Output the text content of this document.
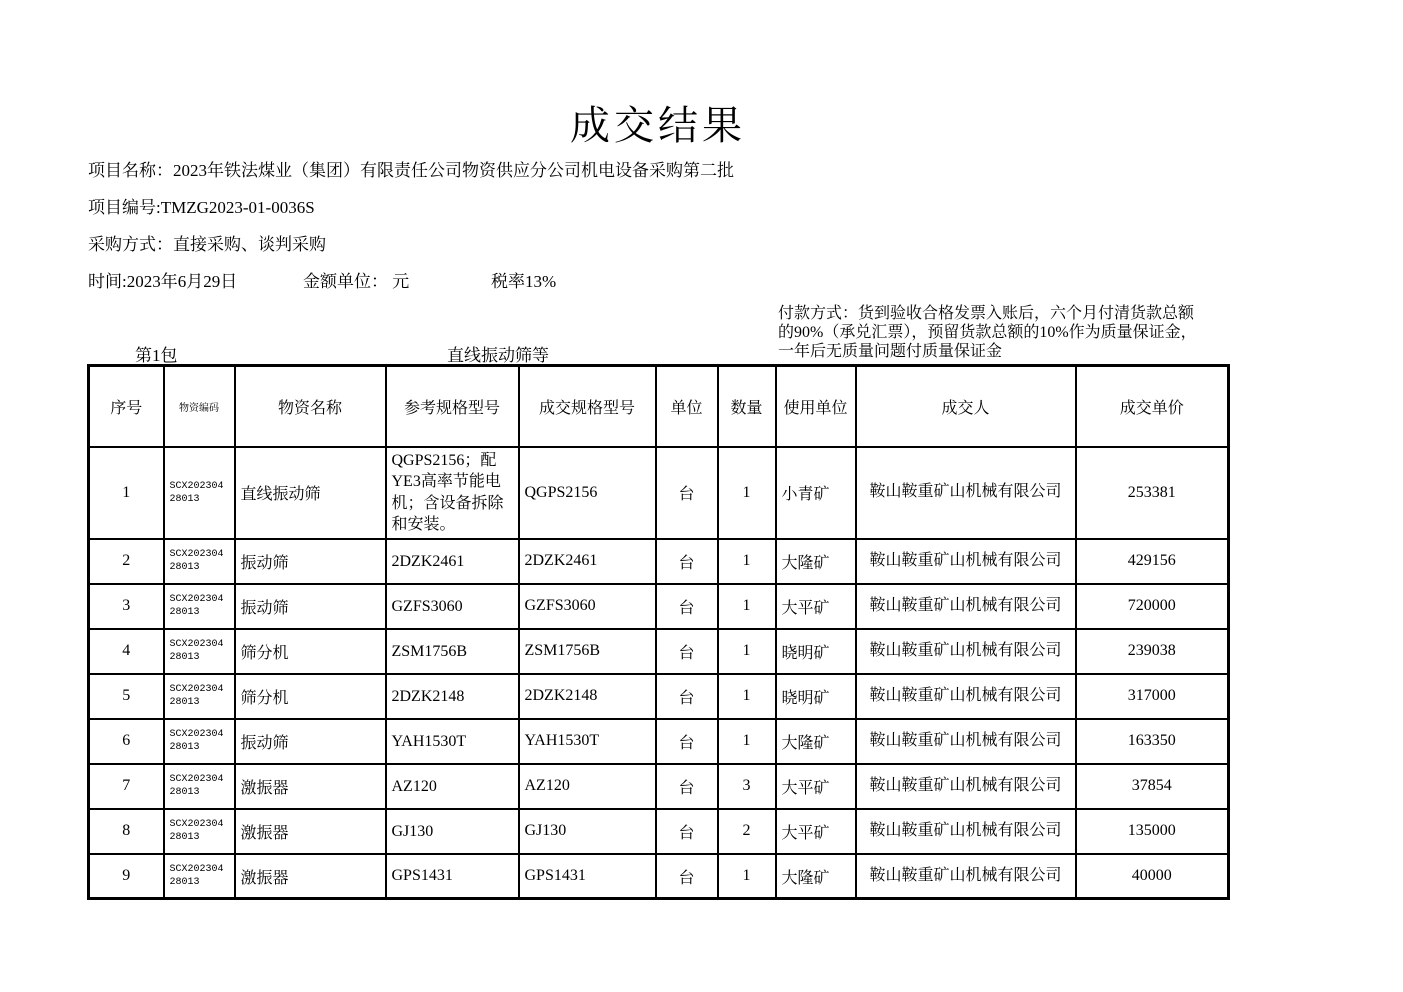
成交结果
项目名称：2023年铁法煤业（集团）有限责任公司物资供应分公司机电设备采购第二批
项目编号:TMZG2023-01-0036S
采购方式：直接采购、谈判采购
时间:2023年6月29日	金额单位： 元	税率13%
付款方式：货到验收合格发票入账后，六个月付清货款总额
的90%（承兑汇票），预留货款总额的10%作为质量保证金，
一年后无质量问题付质量保证金
第1包	直线振动筛等
序号	物资编码	物资名称	参考规格型号	成交规格型号	单位	数量	使用单位	成交人	成交单价
1	SCX20230428013	直线振动筛	QGPS2156；配YE3高率节能电机；含设备拆除和安装。	QGPS2156	台	1	小青矿	鞍山鞍重矿山机械有限公司	253381
2	SCX20230428013	振动筛	2DZK2461	2DZK2461	台	1	大隆矿	鞍山鞍重矿山机械有限公司	429156
3	SCX20230428013	振动筛	GZFS3060	GZFS3060	台	1	大平矿	鞍山鞍重矿山机械有限公司	720000
4	SCX20230428013	筛分机	ZSM1756B	ZSM1756B	台	1	晓明矿	鞍山鞍重矿山机械有限公司	239038
5	SCX20230428013	筛分机	2DZK2148	2DZK2148	台	1	晓明矿	鞍山鞍重矿山机械有限公司	317000
6	SCX20230428013	振动筛	YAH1530T	YAH1530T	台	1	大隆矿	鞍山鞍重矿山机械有限公司	163350
7	SCX20230428013	激振器	AZ120	AZ120	台	3	大平矿	鞍山鞍重矿山机械有限公司	37854
8	SCX20230428013	激振器	GJ130	GJ130	台	2	大平矿	鞍山鞍重矿山机械有限公司	135000
9	SCX20230428013	激振器	GPS1431	GPS1431	台	1	大隆矿	鞍山鞍重矿山机械有限公司	40000
